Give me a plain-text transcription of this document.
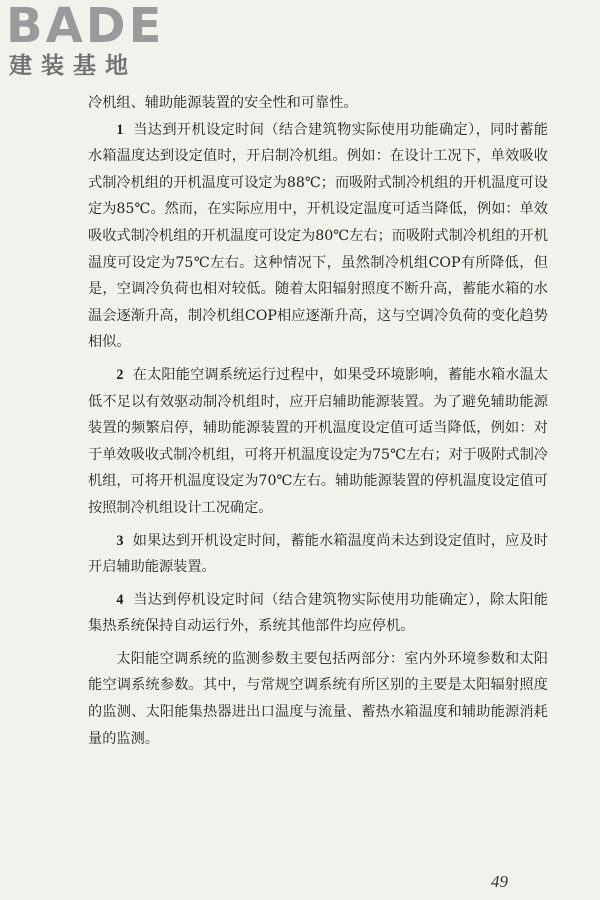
BADE
建装基地

冷机组、辅助能源装置的安全性和可靠性。

1 当达到开机设定时间（结合建筑物实际使用功能确定），同时蓄能水箱温度达到设定值时，开启制冷机组。例如：在设计工况下，单效吸收式制冷机组的开机温度可设定为88℃；而吸附式制冷机组的开机温度可设定为85℃。然而，在实际应用中，开机设定温度可适当降低，例如：单效吸收式制冷机组的开机温度可设定为80℃左右；而吸附式制冷机组的开机温度可设定为75℃左右。这种情况下，虽然制冷机组COP有所降低，但是，空调冷负荷也相对较低。随着太阳辐射照度不断升高，蓄能水箱的水温会逐渐升高，制冷机组COP相应逐渐升高，这与空调冷负荷的变化趋势相似。

2 在太阳能空调系统运行过程中，如果受环境影响，蓄能水箱水温太低不足以有效驱动制冷机组时，应开启辅助能源装置。为了避免辅助能源装置的频繁启停，辅助能源装置的开机温度设定值可适当降低，例如：对于单效吸收式制冷机组，可将开机温度设定为75℃左右；对于吸附式制冷机组，可将开机温度设定为70℃左右。辅助能源装置的停机温度设定值可按照制冷机组设计工况确定。

3 如果达到开机设定时间，蓄能水箱温度尚未达到设定值时，应及时开启辅助能源装置。

4 当达到停机设定时间（结合建筑物实际使用功能确定），除太阳能集热系统保持自动运行外，系统其他部件均应停机。

太阳能空调系统的监测参数主要包括两部分：室内外环境参数和太阳能空调系统参数。其中，与常规空调系统有所区别的主要是太阳辐射照度的监测、太阳能集热器进出口温度与流量、蓄热水箱温度和辅助能源消耗量的监测。

49
